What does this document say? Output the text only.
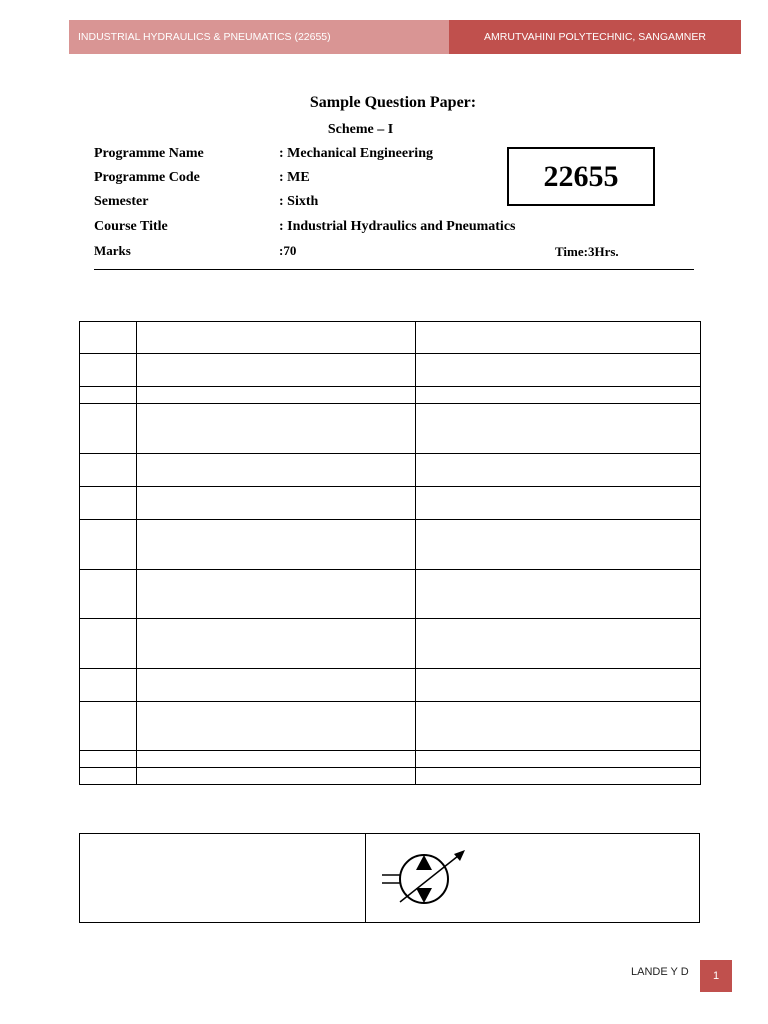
INDUSTRIAL HYDRAULICS & PNEUMATICS (22655)	AMRUTVAHINI POLYTECHNIC, SANGAMNER
Sample Question Paper:
Scheme – I
Programme Name	: Mechanical Engineering
Programme Code	: ME
Semester	: Sixth
Course Title	: Industrial Hydraulics and Pneumatics
Marks	:70
22655
Time:3Hrs.

LANDE Y D 1
